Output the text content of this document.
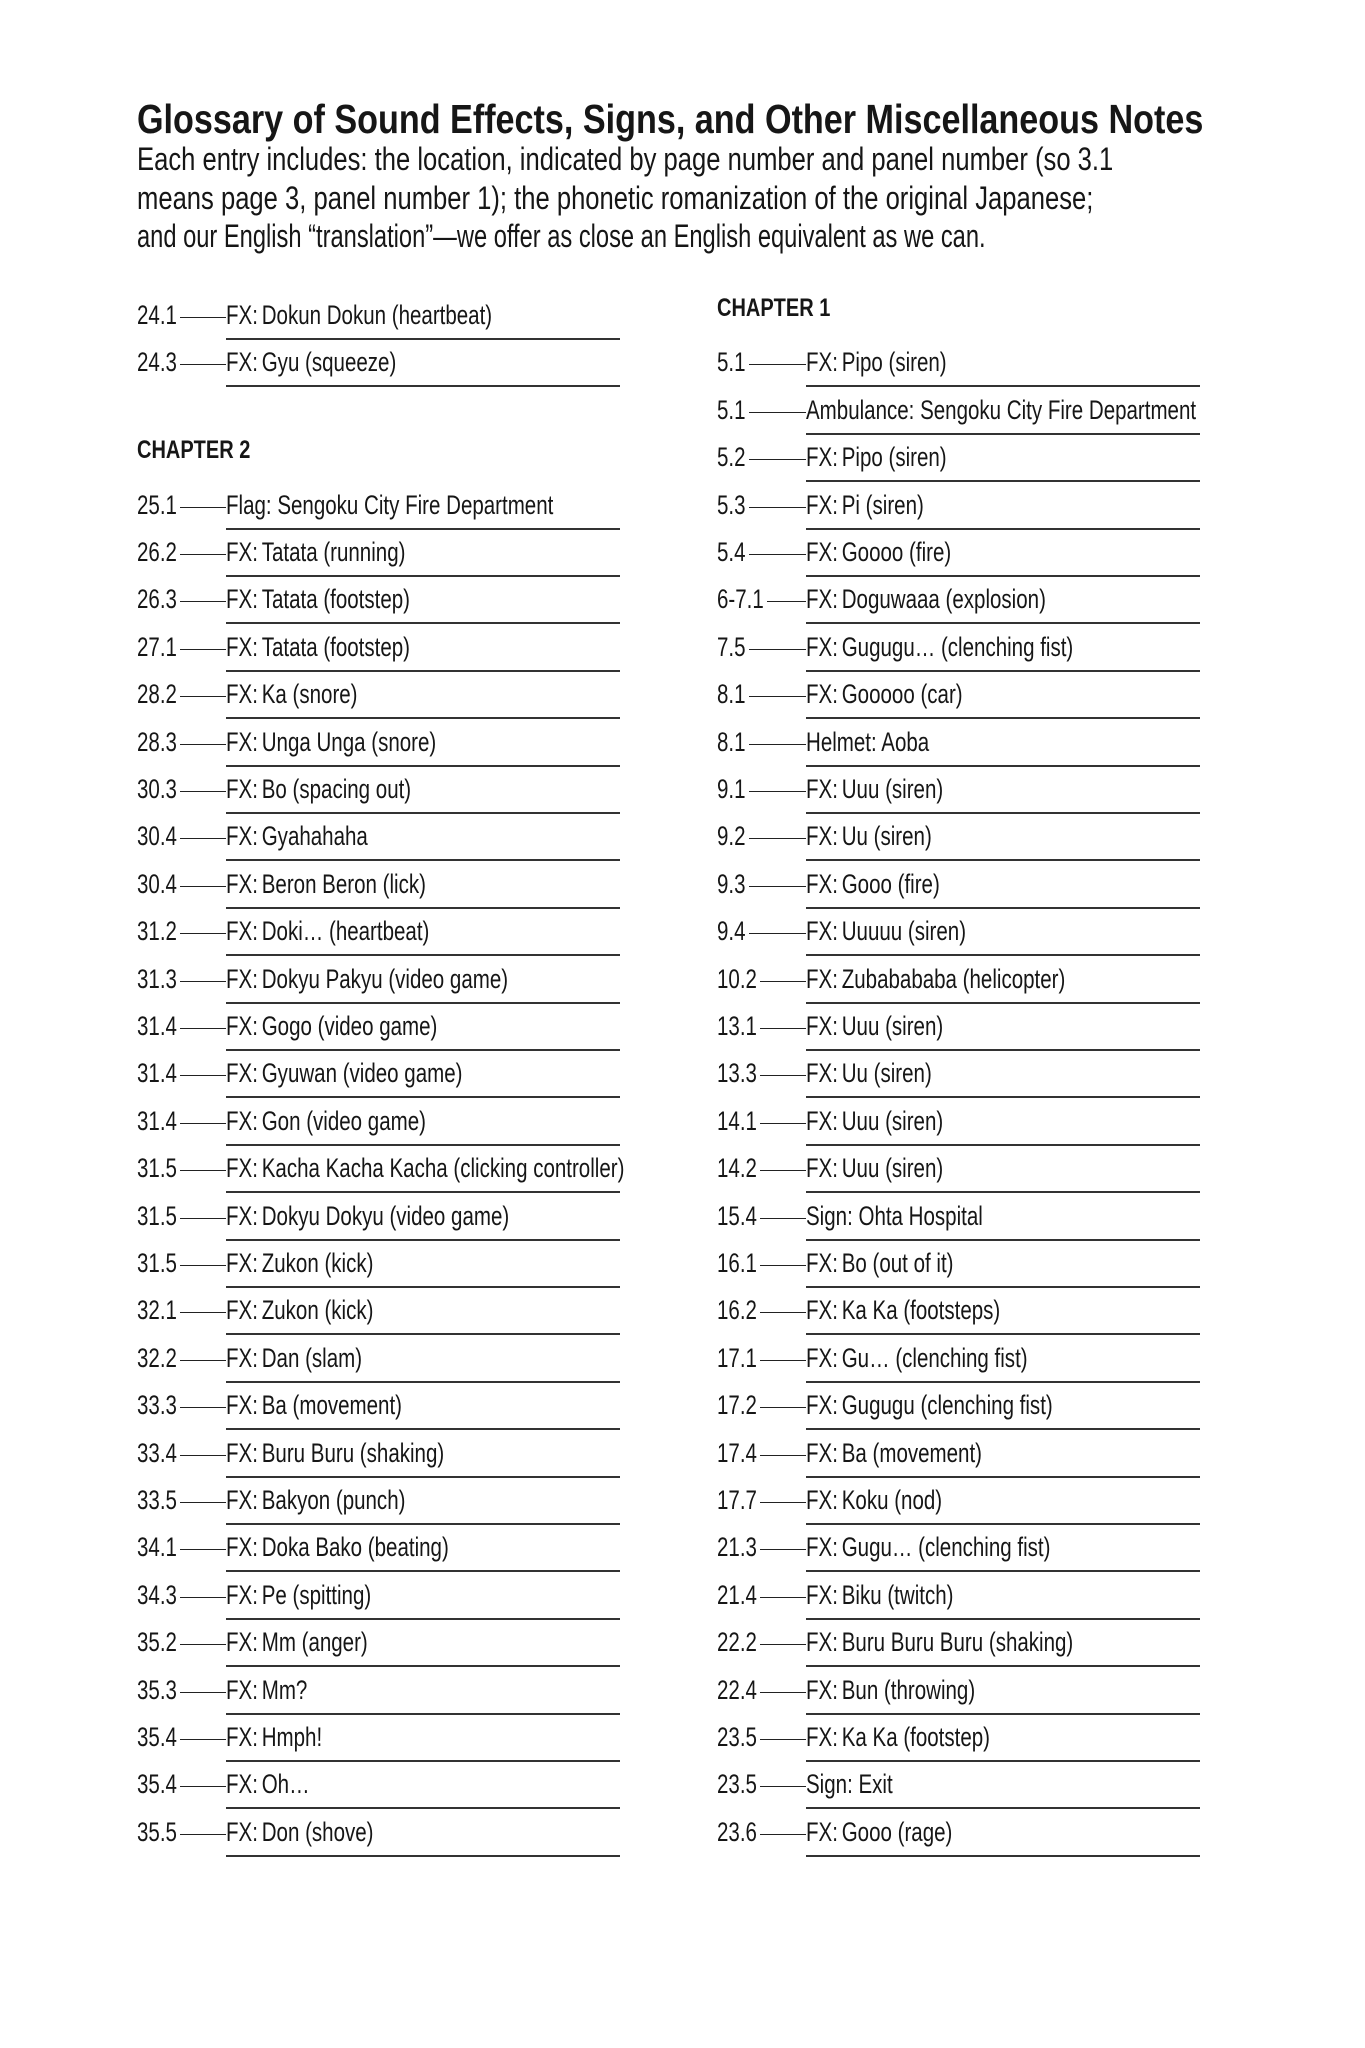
Glossary of Sound Effects, Signs, and Other Miscellaneous Notes
Each entry includes: the location, indicated by page number and panel number (so 3.1
means page 3, panel number 1); the phonetic romanization of the original Japanese;
and our English “translation”—we offer as close an English equivalent as we can.
24.1 FX: Dokun Dokun (heartbeat)
24.3 FX: Gyu (squeeze)
CHAPTER 2
25.1 Flag: Sengoku City Fire Department
26.2 FX: Tatata (running)
26.3 FX: Tatata (footstep)
27.1 FX: Tatata (footstep)
28.2 FX: Ka (snore)
28.3 FX: Unga Unga (snore)
30.3 FX: Bo (spacing out)
30.4 FX: Gyahahaha
30.4 FX: Beron Beron (lick)
31.2 FX: Doki… (heartbeat)
31.3 FX: Dokyu Pakyu (video game)
31.4 FX: Gogo (video game)
31.4 FX: Gyuwan (video game)
31.4 FX: Gon (video game)
31.5 FX: Kacha Kacha Kacha (clicking controller)
31.5 FX: Dokyu Dokyu (video game)
31.5 FX: Zukon (kick)
32.1 FX: Zukon (kick)
32.2 FX: Dan (slam)
33.3 FX: Ba (movement)
33.4 FX: Buru Buru (shaking)
33.5 FX: Bakyon (punch)
34.1 FX: Doka Bako (beating)
34.3 FX: Pe (spitting)
35.2 FX: Mm (anger)
35.3 FX: Mm?
35.4 FX: Hmph!
35.4 FX: Oh…
35.5 FX: Don (shove)
CHAPTER 1
5.1 FX: Pipo (siren)
5.1 Ambulance: Sengoku City Fire Department
5.2 FX: Pipo (siren)
5.3 FX: Pi (siren)
5.4 FX: Goooo (fire)
6-7.1 FX: Doguwaaa (explosion)
7.5 FX: Gugugu… (clenching fist)
8.1 FX: Gooooo (car)
8.1 Helmet: Aoba
9.1 FX: Uuu (siren)
9.2 FX: Uu (siren)
9.3 FX: Gooo (fire)
9.4 FX: Uuuuu (siren)
10.2 FX: Zubabababa (helicopter)
13.1 FX: Uuu (siren)
13.3 FX: Uu (siren)
14.1 FX: Uuu (siren)
14.2 FX: Uuu (siren)
15.4 Sign: Ohta Hospital
16.1 FX: Bo (out of it)
16.2 FX: Ka Ka (footsteps)
17.1 FX: Gu… (clenching fist)
17.2 FX: Gugugu (clenching fist)
17.4 FX: Ba (movement)
17.7 FX: Koku (nod)
21.3 FX: Gugu… (clenching fist)
21.4 FX: Biku (twitch)
22.2 FX: Buru Buru Buru (shaking)
22.4 FX: Bun (throwing)
23.5 FX: Ka Ka (footstep)
23.5 Sign: Exit
23.6 FX: Gooo (rage)
